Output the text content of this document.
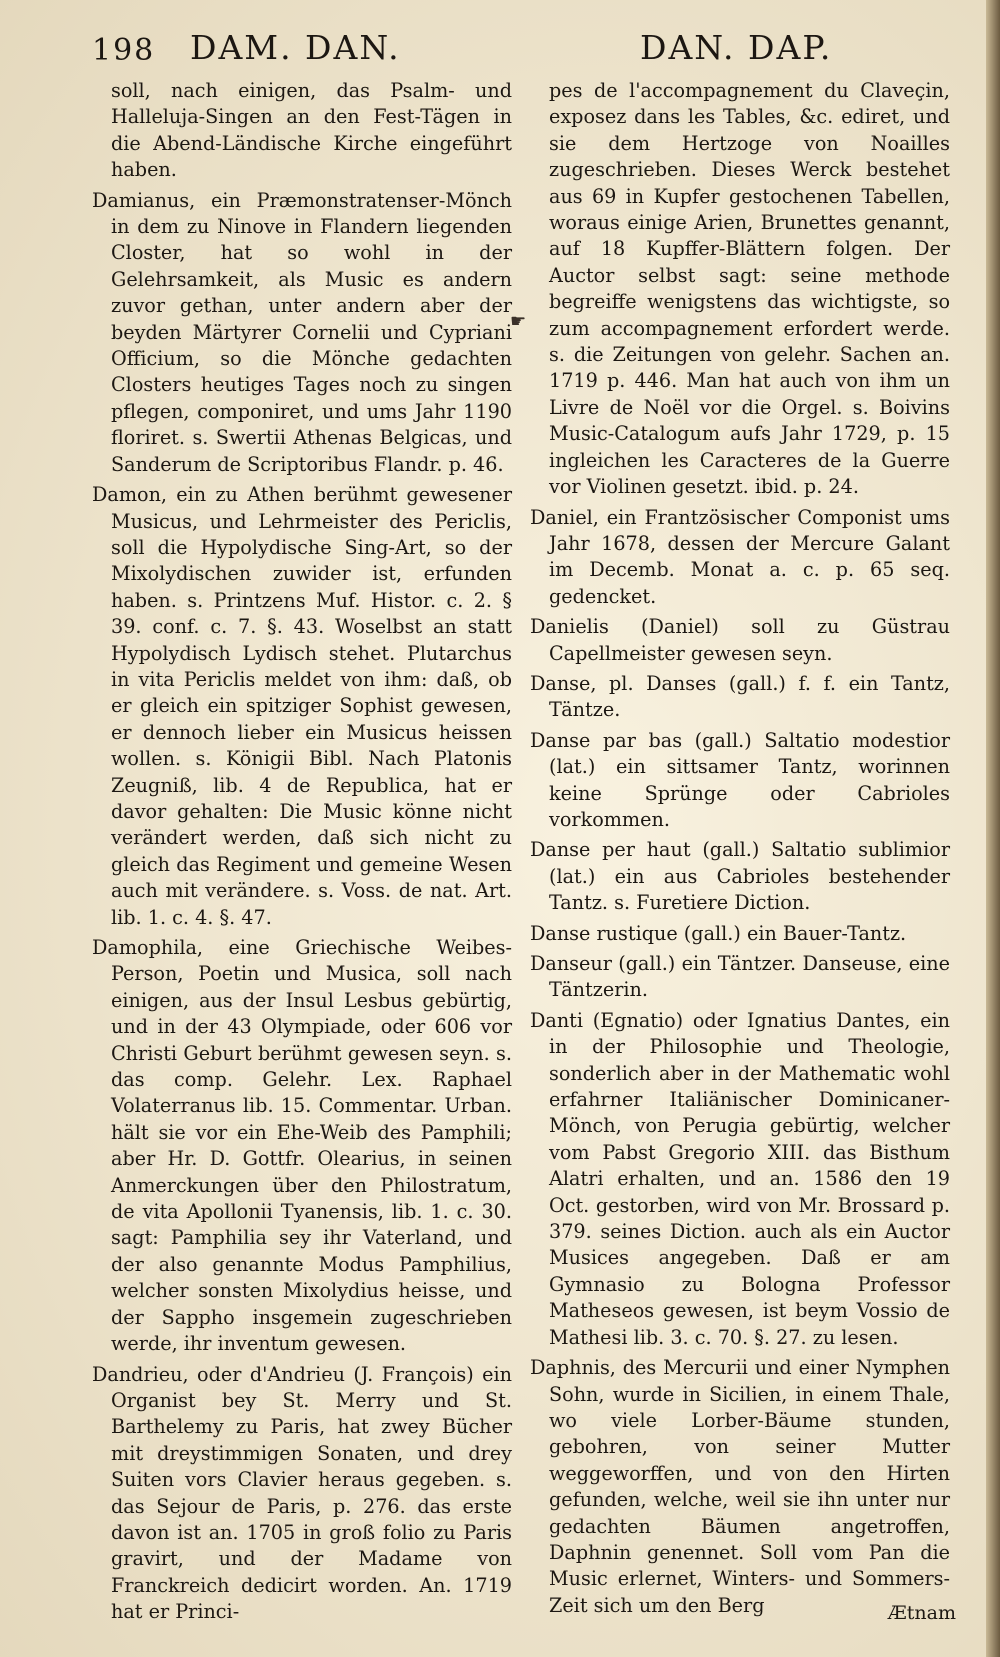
198 DAM. DAN.	DAN. DAP.
☛

soll, nach einigen, das Psalm- und Halleluja-Singen an den Fest-Tägen in die Abend-Ländische Kirche eingeführt haben.

Damianus, ein Præmonstratenser-Mönch in dem zu Ninove in Flandern liegenden Closter, hat so wohl in der Gelehrsamkeit, als Music es andern zuvor gethan, unter andern aber der beyden Märtyrer Cornelii und Cypriani Officium, so die Mönche gedachten Closters heutiges Tages noch zu singen pflegen, componiret, und ums Jahr 1190 floriret. s. Swertii Athenas Belgicas, und Sanderum de Scriptoribus Flandr. p. 46.

Damon, ein zu Athen berühmt gewesener Musicus, und Lehrmeister des Periclis, soll die Hypolydische Sing-Art, so der Mixolydischen zuwider ist, erfunden haben. s. Printzens Muf. Histor. c. 2. § 39. conf. c. 7. §. 43. Woselbst an statt Hypolydisch Lydisch stehet. Plutarchus in vita Periclis meldet von ihm: daß, ob er gleich ein spitziger Sophist gewesen, er dennoch lieber ein Musicus heissen wollen. s. Königii Bibl. Nach Platonis Zeugniß, lib. 4 de Republica, hat er davor gehalten: Die Music könne nicht verändert werden, daß sich nicht zu gleich das Regiment und gemeine Wesen auch mit verändere. s. Voss. de nat. Art. lib. 1. c. 4. §. 47.

Damophila, eine Griechische Weibes-Person, Poetin und Musica, soll nach einigen, aus der Insul Lesbus gebürtig, und in der 43 Olympiade, oder 606 vor Christi Geburt berühmt gewesen seyn. s. das comp. Gelehr. Lex. Raphael Volaterranus lib. 15. Commentar. Urban. hält sie vor ein Ehe-Weib des Pamphili; aber Hr. D. Gottfr. Olearius, in seinen Anmerckungen über den Philostratum, de vita Apollonii Tyanensis, lib. 1. c. 30. sagt: Pamphilia sey ihr Vaterland, und der also genannte Modus Pamphilius, welcher sonsten Mixolydius heisse, und der Sappho insgemein zugeschrieben werde, ihr inventum gewesen.

Dandrieu, oder d'Andrieu (J. François) ein Organist bey St. Merry und St. Barthelemy zu Paris, hat zwey Bücher mit dreystimmigen Sonaten, und drey Suiten vors Clavier heraus gegeben. s. das Sejour de Paris, p. 276. das erste davon ist an. 1705 in groß folio zu Paris gravirt, und der Madame von Franckreich dedicirt worden. An. 1719 hat er Princi-

pes de l'accompagnement du Claveçin, exposez dans les Tables, &c. ediret, und sie dem Hertzoge von Noailles zugeschrieben. Dieses Werck bestehet aus 69 in Kupfer gestochenen Tabellen, woraus einige Arien, Brunettes genannt, auf 18 Kupffer-Blättern folgen. Der Auctor selbst sagt: seine methode begreiffe wenigstens das wichtigste, so zum accompagnement erfordert werde. s. die Zeitungen von gelehr. Sachen an. 1719 p. 446. Man hat auch von ihm un Livre de Noël vor die Orgel. s. Boivins Music-Catalogum aufs Jahr 1729, p. 15 ingleichen les Caracteres de la Guerre vor Violinen gesetzt. ibid. p. 24.

Daniel, ein Frantzösischer Componist ums Jahr 1678, dessen der Mercure Galant im Decemb. Monat a. c. p. 65 seq. gedencket.

Danielis (Daniel) soll zu Güstrau Capellmeister gewesen seyn.

Danse, pl. Danses (gall.) f. f. ein Tantz, Täntze.

Danse par bas (gall.) Saltatio modestior (lat.) ein sittsamer Tantz, worinnen keine Sprünge oder Cabrioles vorkommen.

Danse per haut (gall.) Saltatio sublimior (lat.) ein aus Cabrioles bestehender Tantz. s. Furetiere Diction.

Danse rustique (gall.) ein Bauer-Tantz.

Danseur (gall.) ein Täntzer. Danseuse, eine Täntzerin.

Danti (Egnatio) oder Ignatius Dantes, ein in der Philosophie und Theologie, sonderlich aber in der Mathematic wohl erfahrner Italiänischer Dominicaner-Mönch, von Perugia gebürtig, welcher vom Pabst Gregorio XIII. das Bisthum Alatri erhalten, und an. 1586 den 19 Oct. gestorben, wird von Mr. Brossard p. 379. seines Diction. auch als ein Auctor Musices angegeben. Daß er am Gymnasio zu Bologna Professor Matheseos gewesen, ist beym Vossio de Mathesi lib. 3. c. 70. §. 27. zu lesen.

Daphnis, des Mercurii und einer Nymphen Sohn, wurde in Sicilien, in einem Thale, wo viele Lorber-Bäume stunden, gebohren, von seiner Mutter weggeworffen, und von den Hirten gefunden, welche, weil sie ihn unter nur gedachten Bäumen angetroffen, Daphnin genennet. Soll vom Pan die Music erlernet, Winters- und Sommers-Zeit sich um den Berg	Ætnam
